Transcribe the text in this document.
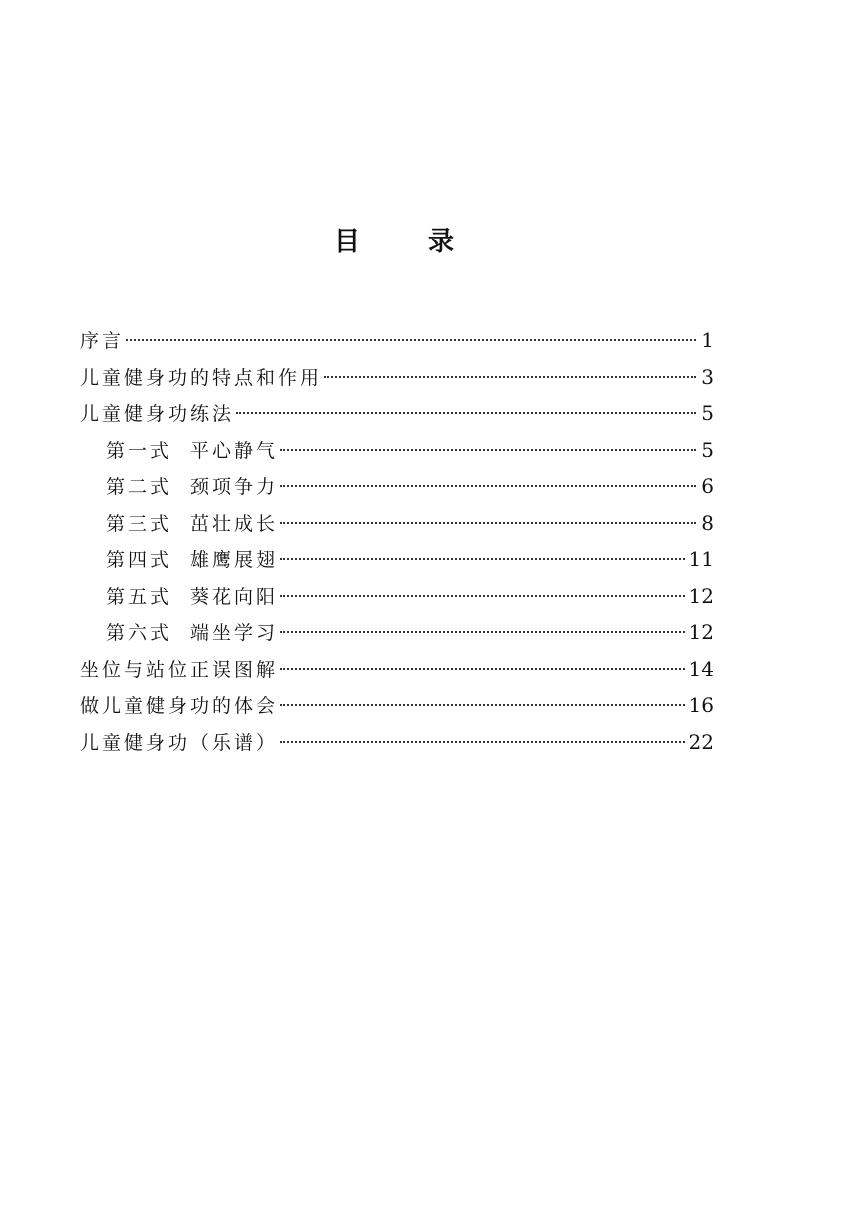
目	录
序言	1
儿童健身功的特点和作用	3
儿童健身功练法	5
第一式 平心静气	5
第二式 颈项争力	6
第三式 茁壮成长	8
第四式 雄鹰展翅	11
第五式 葵花向阳	12
第六式 端坐学习	12
坐位与站位正误图解	14
做儿童健身功的体会	16
儿童健身功（乐谱）	22
